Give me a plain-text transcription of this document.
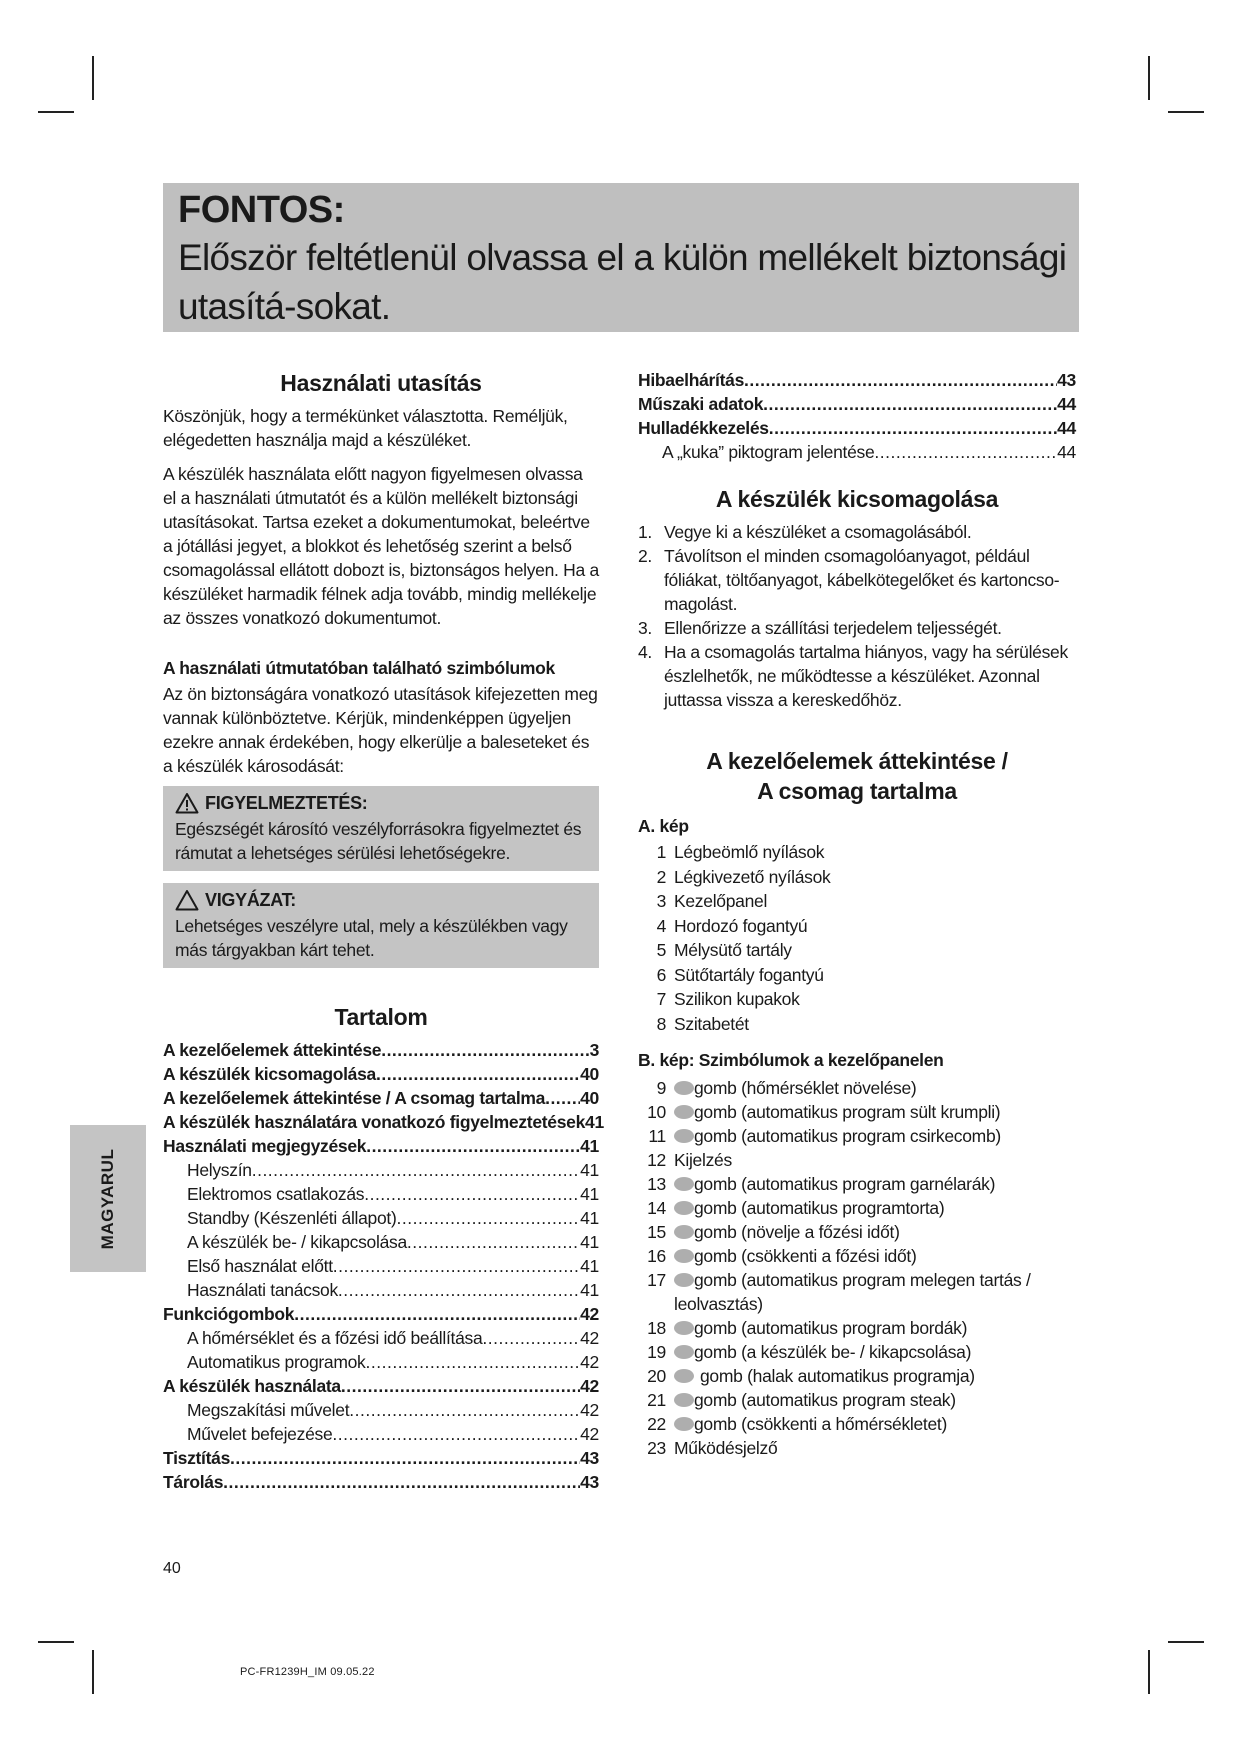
FONTOS:
Először feltétlenül olvassa el a külön mellékelt biztonsági utasítá-sokat.
Használati utasítás

Köszönjük, hogy a termékünket választotta. Reméljük, elégedetten használja majd a készüléket.

A készülék használata előtt nagyon figyelmesen olvassa el a használati útmutatót és a külön mellékelt biztonsági utasításokat. Tartsa ezeket a dokumentumokat, beleértve a jótállási jegyet, a blokkot és lehetőség szerint a belső csomagolással ellátott dobozt is, biztonságos helyen. Ha a készüléket harmadik félnek adja tovább, mindig mellékelje az összes vonatkozó dokumentumot.

A használati útmutatóban található szimbólumok

Az ön biztonságára vonatkozó utasítások kifejezetten meg vannak különböztetve. Kérjük, mindenképpen ügyeljen ezekre annak érdekében, hogy elkerülje a baleseteket és a készülék károsodását:

FIGYELMEZTETÉS:

Egészségét károsító veszélyforrásokra figyelmeztet és rámutat a lehetséges sérülési lehetőségekre.

VIGYÁZAT:

Lehetséges veszélyre utal, mely a készülékben vagy más tárgyakban kárt tehet.

Tartalom
A kezelőelemek áttekintése .....	3
A készülék kicsomagolása .....	40
A kezelőelemek áttekintése / A csomag tartalma ..... 40
A készülék használatára vonatkozó figyelmeztetések 41
Használati megjegyzések .....	41
Helyszín .....	41
Elektromos csatlakozás .....	41
Standby (Készenléti állapot) .....	41
A készülék be- / kikapcsolása .....	41
Első használat előtt .....	41
Használati tanácsok .....	41
Funkciógombok .....	42
A hőmérséklet és a főzési idő beállítása .....	42
Automatikus programok .....	42
A készülék használata .....	42
Megszakítási művelet .....	42
Művelet befejezése .....	42
Tisztítás .....	43
Tárolás .....	43
Hibaelhárítás .....	43
Műszaki adatok .....	44
Hulladékkezelés .....	44
A „kuka” piktogram jelentése .....	44
A készülék kicsomagolása
1. Vegye ki a készüléket a csomagolásából.
2. Távolítson el minden csomagolóanyagot, például fóliákat, töltőanyagot, kábelkötegelőket és kartoncso-magolást.
3. Ellenőrizze a szállítási terjedelem teljességét.
4. Ha a csomagolás tartalma hiányos, vagy ha sérülések észlelhetők, ne működtesse a készüléket. Azonnal juttassa vissza a kereskedőhöz.
A kezelőelemek áttekintése /
A csomag tartalma
A. kép
1 Légbeömlő nyílások
2 Légkivezető nyílások
3 Kezelőpanel
4 Hordozó fogantyú
5 Mélysütő tartály
6 Sütőtartály fogantyú
7 Szilikon kupakok
8 Szitabetét
B. kép: Szimbólumok a kezelőpanelen
9	gomb (hőmérséklet növelése)
10	gomb (automatikus program sült krumpli)
11	gomb (automatikus program csirkecomb)
12 Kijelzés
13	gomb (automatikus program garnélarák)
14	gomb (automatikus programtorta)
15	gomb (növelje a főzési időt)
16	gomb (csökkenti a főzési időt)
17	gomb (automatikus program melegen tartás / leolvasztás)
18	gomb (automatikus program bordák)
19	gomb (a készülék be- / kikapcsolása)
20	gomb (halak automatikus programja)
21	gomb (automatikus program steak)
22	gomb (csökkenti a hőmérsékletet)
23 Működésjelző
MAGYARUL
40
PC-FR1239H_IM 09.05.22
